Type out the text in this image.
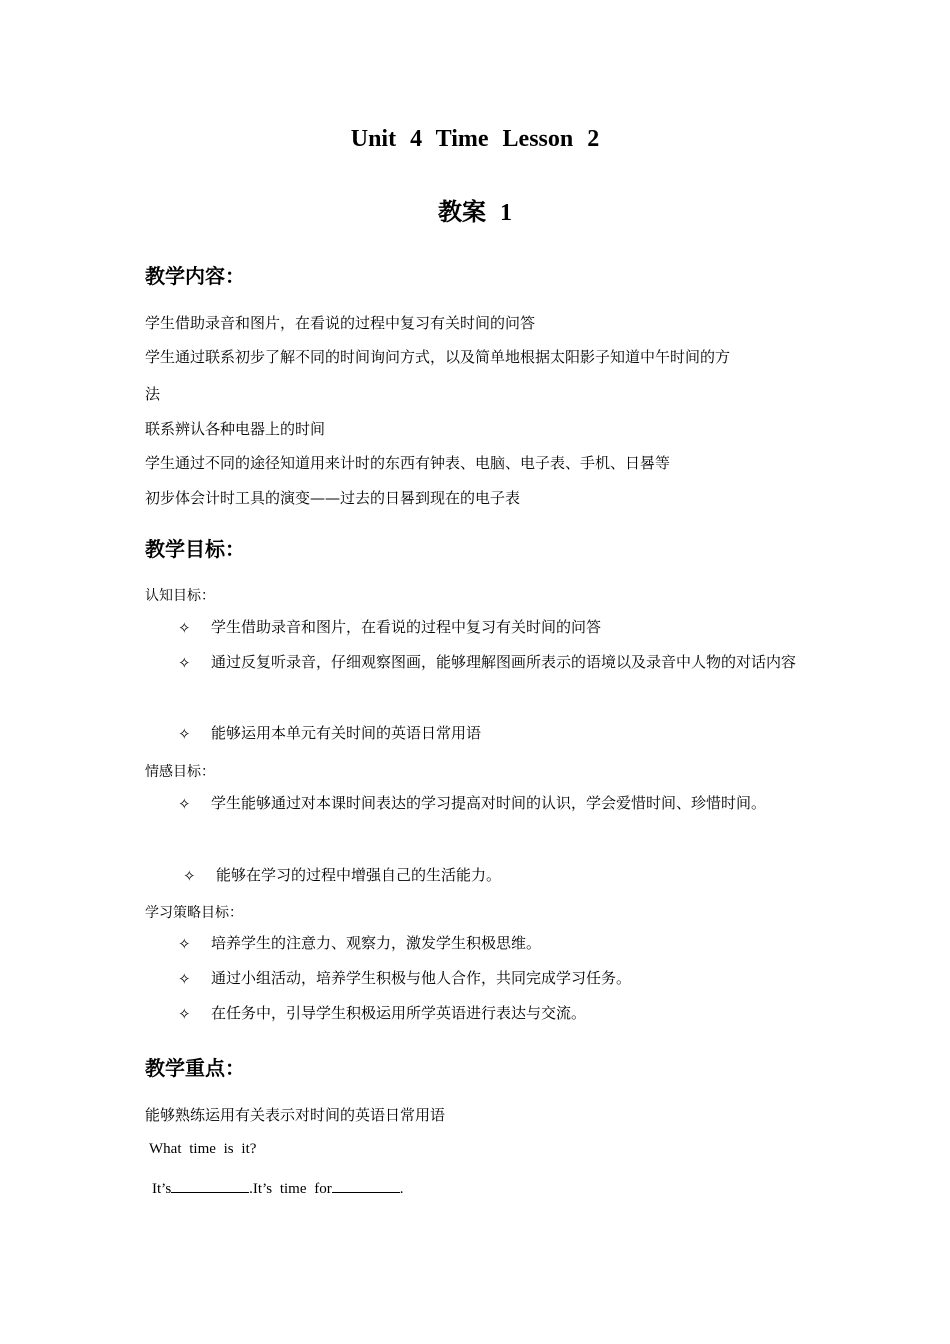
Unit 4 Time Lesson 2
教案 1
教学内容：

学生借助录音和图片，在看说的过程中复习有关时间的问答

学生通过联系初步了解不同的时间询问方式，以及简单地根据太阳影子知道中午时间的方

法

联系辨认各种电器上的时间

学生通过不同的途径知道用来计时的东西有钟表、电脑、电子表、手机、日晷等

初步体会计时工具的演变——过去的日晷到现在的电子表

教学目标：

认知目标：

✧ 学生借助录音和图片，在看说的过程中复习有关时间的问答
✧ 通过反复听录音，仔细观察图画，能够理解图画所表示的语境以及录音中人物的对话内容
✧ 能够运用本单元有关时间的英语日常用语

情感目标：

✧ 学生能够通过对本课时间表达的学习提高对时间的认识，学会爱惜时间、珍惜时间。
✧ 能够在学习的过程中增强自己的生活能力。

学习策略目标：

✧ 培养学生的注意力、观察力，激发学生积极思维。
✧ 通过小组活动，培养学生积极与他人合作，共同完成学习任务。
✧ 在任务中，引导学生积极运用所学英语进行表达与交流。
教学重点：

能够熟练运用有关表示对时间的英语日常用语

What time is it?

It’s	.It’s time for	.
